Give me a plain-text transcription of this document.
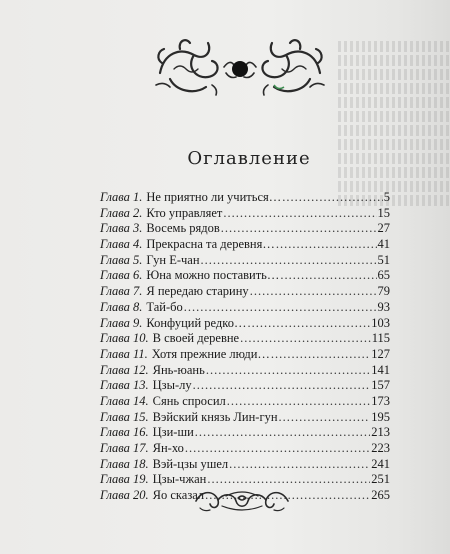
Оглавление
Глава 1. Не приятно ли учиться… .....	5
Глава 2. Кто управляет .....	15
Глава 3. Восемь рядов .....	27
Глава 4. Прекрасна та деревня… .....	41
Глава 5. Гун Е-чан .....	51
Глава 6. Юна можно поставить… .....	65
Глава 7. Я передаю старину .....	79
Глава 8. Тай-бо .....	93
Глава 9. Конфуций редко… .....	103
Глава 10. В своей деревне .....	115
Глава 11. Хотя прежние люди… .....	127
Глава 12. Янь-юань .....	141
Глава 13. Цзы-лу .....	157
Глава 14. Сянь спросил .....	173
Глава 15. Вэйский князь Лин-гун .....	195
Глава 16. Цзи-ши .....	213
Глава 17. Ян-хо .....	223
Глава 18. Вэй-цзы ушел .....	241
Глава 19. Цзы-чжан .....	251
Глава 20. Яо сказал .....	265
